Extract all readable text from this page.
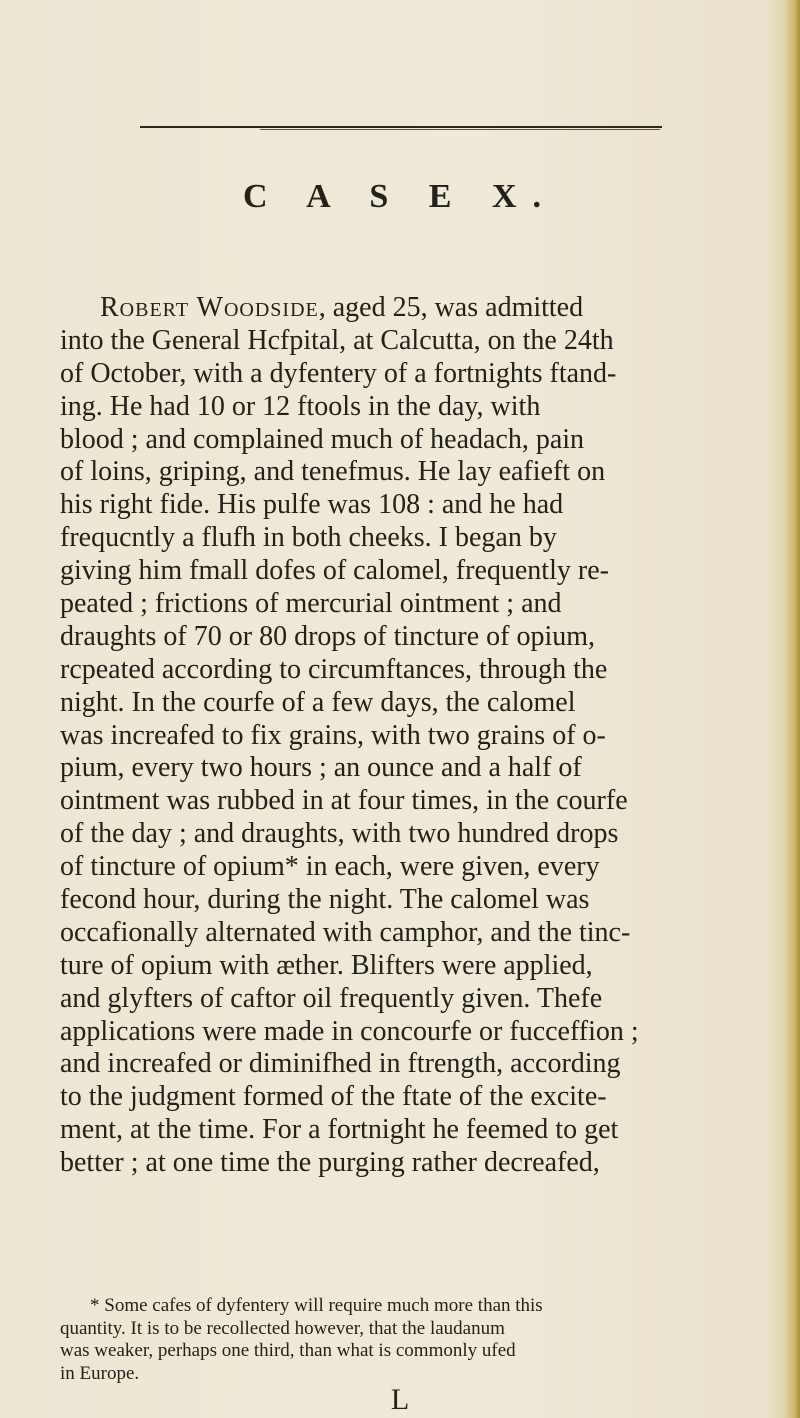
C A S E X.
Robert Woodside, aged 25, was admitted
into the General Hcfpital, at Calcutta, on the 24th
of October, with a dyfentery of a fortnights ftand-
ing. He had 10 or 12 ftools in the day, with
blood ; and complained much of headach, pain
of loins, griping, and tenefmus. He lay eafieft on
his right fide. His pulfe was 108 : and he had
frequcntly a flufh in both cheeks. I began by
giving him fmall dofes of calomel, frequently re-
peated ; frictions of mercurial ointment ; and
draughts of 70 or 80 drops of tincture of opium,
rcpeated according to circumftances, through the
night. In the courfe of a few days, the calomel
was increafed to fix grains, with two grains of o-
pium, every two hours ; an ounce and a half of
ointment was rubbed in at four times, in the courfe
of the day ; and draughts, with two hundred drops
of tincture of opium* in each, were given, every
fecond hour, during the night. The calomel was
occafionally alternated with camphor, and the tinc-
ture of opium with æther. Blifters were applied,
and glyfters of caftor oil frequently given. Thefe
applications were made in concourfe or fucceffion ;
and increafed or diminifhed in ftrength, according
to the judgment formed of the ftate of the excite-
ment, at the time. For a fortnight he feemed to get
better ; at one time the purging rather decreafed,
* Some cafes of dyfentery will require much more than this
quantity. It is to be recollected however, that the laudanum
was weaker, perhaps one third, than what is commonly ufed
in Europe.
L
